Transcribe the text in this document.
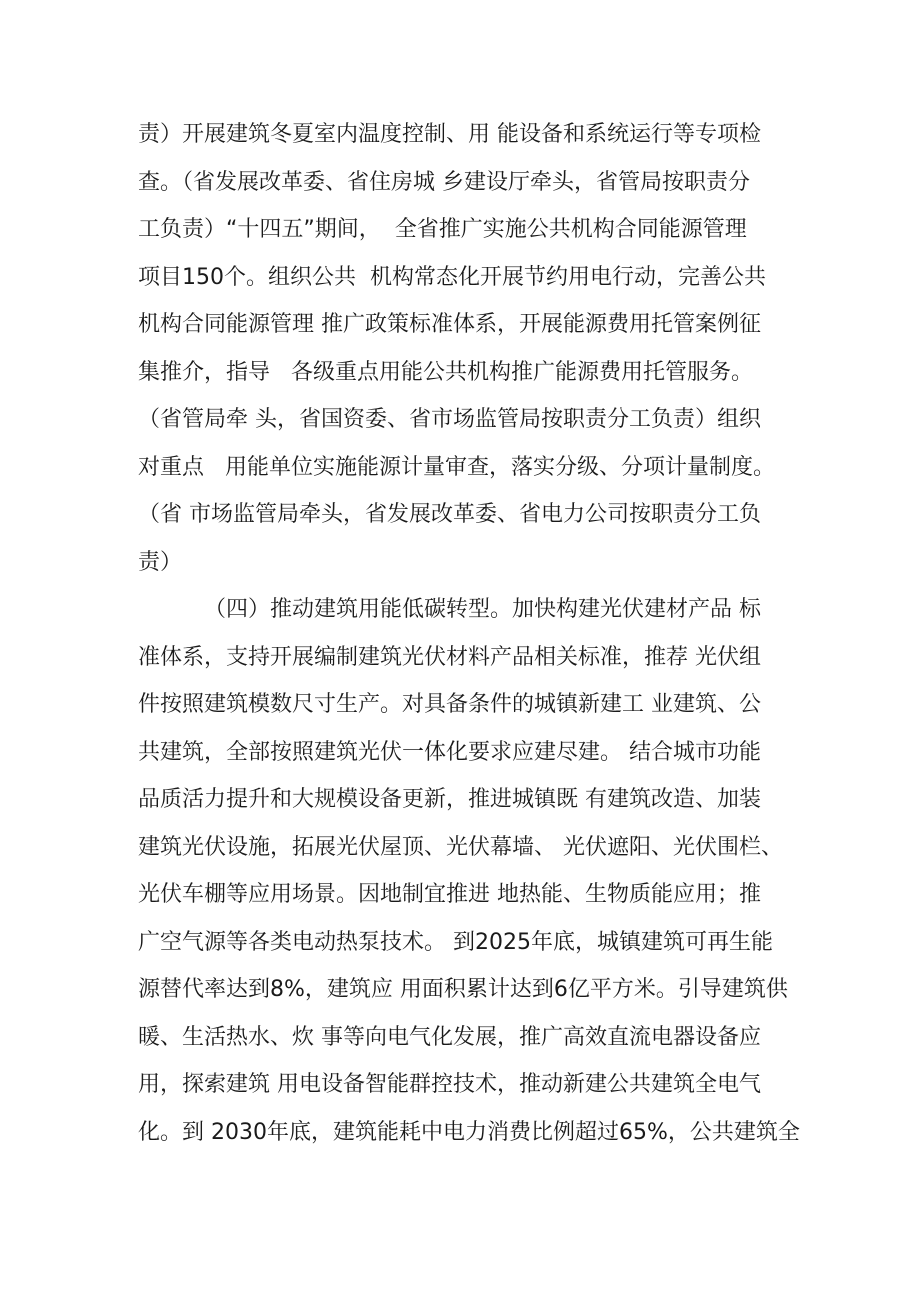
责）开展建筑冬夏室内温度控制、用 能设备和系统运行等专项检
查。（省发展改革委、省住房城 乡建设厅牵头，省管局按职责分
工负责）“十四五”期间，  全省推广实施公共机构合同能源管理
项目150个。组织公共  机构常态化开展节约用电行动，完善公共
机构合同能源管理 推广政策标准体系，开展能源费用托管案例征
集推介，指导   各级重点用能公共机构推广能源费用托管服务。
（省管局牵 头，省国资委、省市场监管局按职责分工负责）组织
对重点   用能单位实施能源计量审查，落实分级、分项计量制度。
（省 市场监管局牵头，省发展改革委、省电力公司按职责分工负
责）
（四）推动建筑用能低碳转型。加快构建光伏建材产品 标
准体系，支持开展编制建筑光伏材料产品相关标准，推荐 光伏组
件按照建筑模数尺寸生产。对具备条件的城镇新建工 业建筑、公
共建筑，全部按照建筑光伏一体化要求应建尽建。 结合城市功能
品质活力提升和大规模设备更新，推进城镇既 有建筑改造、加装
建筑光伏设施，拓展光伏屋顶、光伏幕墙、 光伏遮阳、光伏围栏、
光伏车棚等应用场景。因地制宜推进 地热能、生物质能应用；推
广空气源等各类电动热泵技术。 到2025年底，城镇建筑可再生能
源替代率达到8%，建筑应 用面积累计达到6亿平方米。引导建筑供
暖、生活热水、炊 事等向电气化发展，推广高效直流电器设备应
用，探索建筑 用电设备智能群控技术，推动新建公共建筑全电气
化。到 2030年底，建筑能耗中电力消费比例超过65%，公共建筑全
